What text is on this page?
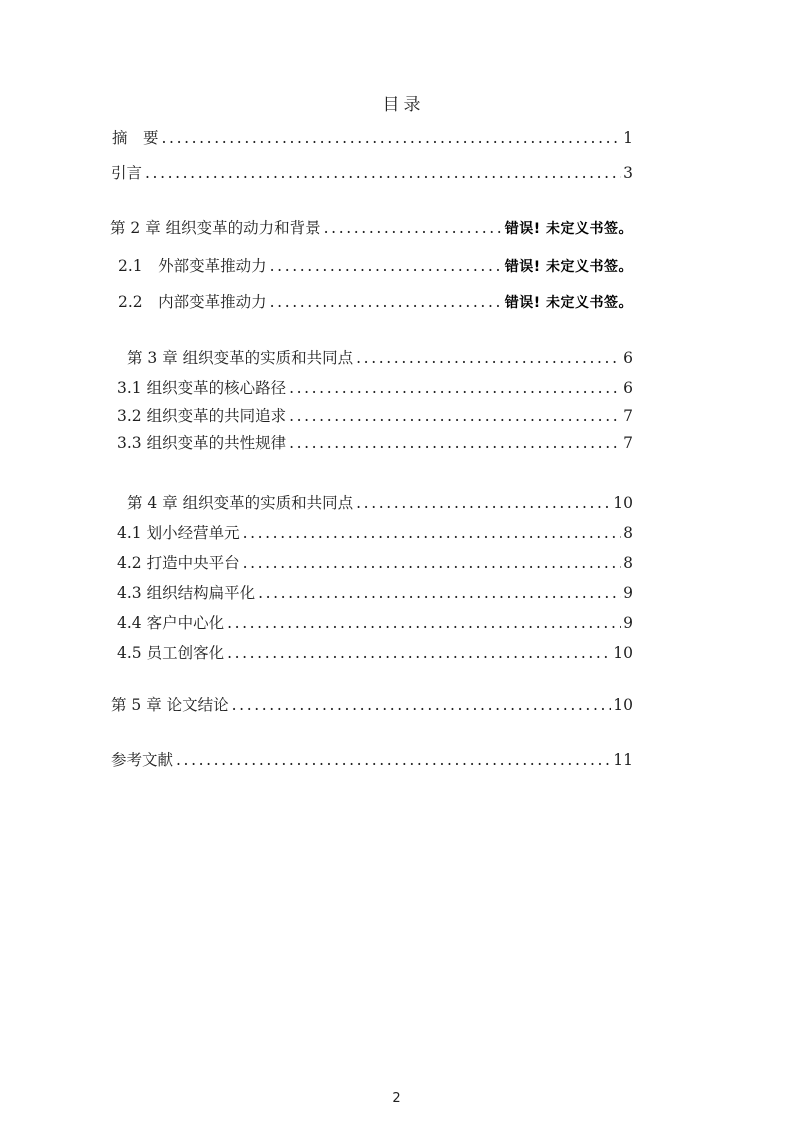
目录
摘　要 .....	1
引言 .....	3
第 2 章 组织变革的动力和背景 .....	错误! 未定义书签。
2.1　外部变革推动力 .....	错误! 未定义书签。
2.2　内部变革推动力 .....	错误! 未定义书签。
第 3 章 组织变革的实质和共同点 .....	6
3.1 组织变革的核心路径 .....	6
3.2 组织变革的共同追求 .....	7
3.3 组织变革的共性规律 .....	7
第 4 章 组织变革的实质和共同点 .....	10
4.1 划小经营单元 .....	8
4.2 打造中央平台 .....	8
4.3 组织结构扁平化 .....	9
4.4 客户中心化 .....	9
4.5 员工创客化 .....	10
第 5 章 论文结论 .....	10
参考文献 .....	11
2
